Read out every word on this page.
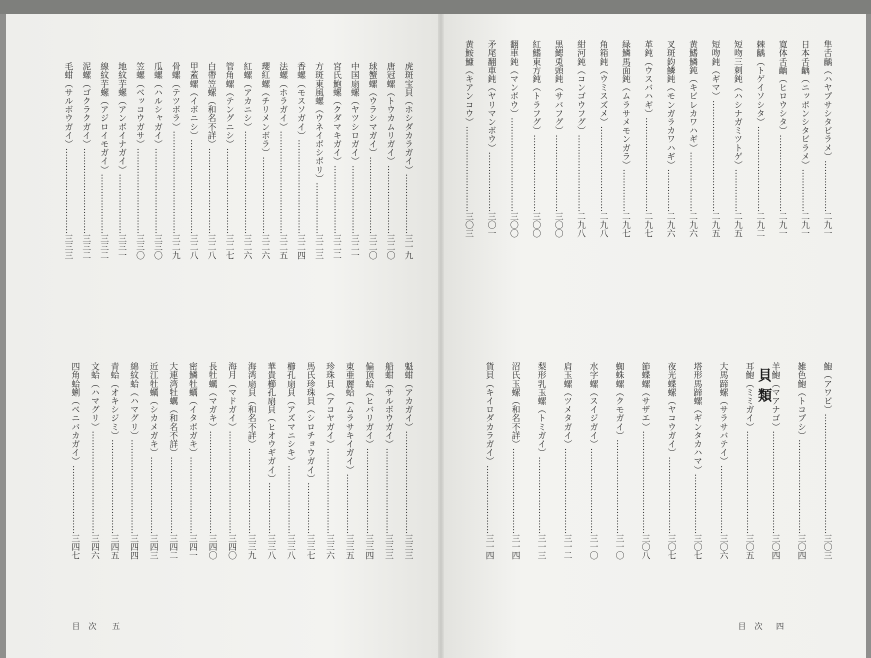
隼舌齲（ハヤブサシタビラメ）………………二九一
日本舌齲（ニッポンシタビラメ）……………二九一
寛体舌齲（ヒロウシタ）………………………二九一
棘齲（トゲイソシタ）…………………………二九二
短吻三刺鈍（ハシナガミツトゲ）……………二九五
短吻鈍（ギマ）…………………………………二九五
黄鰭鱗鈍（キビレカワハギ）…………………二九六
叉斑鈞鱗鈍（モンガラカワハギ）……………二九六
革鈍（ウスバハギ）……………………………二九七
緑鱗馬面鈍（ムラサメモンガラ）……………二九七
角箱鈍（ウミスズメ）…………………………二九八
紺河鈍（コンゴウフグ）………………………二九八
黒鰓兎頭鈍（サバフグ）………………………三〇〇
紅鰭東方鈍（トラフグ）………………………三〇〇
翻車鈍（マンボウ）……………………………三〇〇
矛尾翻車鈍（ヤリマンボウ）…………………三〇一
黄鮟鱇（キアンコウ）…………………………三〇三
鮑（アワビ）……………………………………三〇三
雑色鮑（トコブシ）……………………………三〇四
羊鮑（マアナゴ）………………………………三〇四
耳鮑（ミミガイ）………………………………三〇五
大馬蹄螺（サラサバテイ）……………………三〇六
塔形馬蹄螺（ギンタカハマ）…………………三〇七
夜光蝶螺（ヤコウガイ）………………………三〇七
節蝶螺（サザエ）………………………………三〇八
蜘蛛螺（クモガイ）……………………………三一〇
水字螺（スイジガイ）…………………………三一〇
肩玉螺（ツメタガイ）…………………………三一二
梨形乳玉螺（トミガイ）………………………三一三
沼氏玉螺（和名不詳）…………………………三一四
貨貝（キイロダカラガイ）……………………三一四
虎斑宝貝（ホシダカラガイ）…………………三一九
唐冠螺（トウカムリガイ）……………………三二〇
球蟹螺（ウラシマガイ）………………………三二〇
中国扇螺（ヤツシロガイ）……………………三二一
宮氏鮑螺（クダマキガイ）……………………三二二
方斑東風螺（ウネイボシボリ）………………三二三
香螺（モスソガイ）……………………………三二四
法螺（ホラガイ）………………………………三二五
瓔紅螺（チリメンボラ）………………………三二六
紅螺（アカニシ）………………………………三二六
管角螺（テングニシ）…………………………三二七
白帶笠螺（和名不詳）…………………………三二八
甲蓋螺（イボニシ）……………………………三二八
骨螺（テツボラ）………………………………三二九
瓜螺（ハルシャガイ）…………………………三三〇
笠螺（ベッコウガサ）…………………………三三〇
地紋芋螺（アンボイナガイ）…………………三三一
線紋芋螺（アジロイモガイ）…………………三三二
泥螺（ゴクラクガイ）…………………………三三二
毛蚶（サルボウガイ）…………………………三三三
魁蚶（アカガイ）………………………………三三三
船蚶（サルボウガイ）…………………………三三三
偏顶蛤（ヒバリガイ）…………………………三三四
東亜麗蛤（ムラサキイガイ）…………………三三五
珍珠貝（アコヤガイ）…………………………三三六
馬氏珍珠貝（シロチョウガイ）………………三三七
櫛孔扇貝（アズマニシキ）……………………三三八
華貴櫛孔扇貝（ヒオウギガイ）………………三三八
海湾扇貝（和名不詳）…………………………三三九
海月（マドガイ）………………………………三四〇
長牡蠣（マガキ）………………………………三四〇
密鱗牡蠣（イタボガキ）………………………三四一
大連湾牡蠣（和名不詳）………………………三四二
近江牡蠣（シカメガキ）………………………三四三
綿紋蛤（ハマグリ）……………………………三四四
青蛤（オキシジミ）……………………………三四五
文蛤（ハマグリ）………………………………三四六
四角蛤蜊（ベニバカガイ）……………………三四七	貝類
目 次 五	目 次 四
